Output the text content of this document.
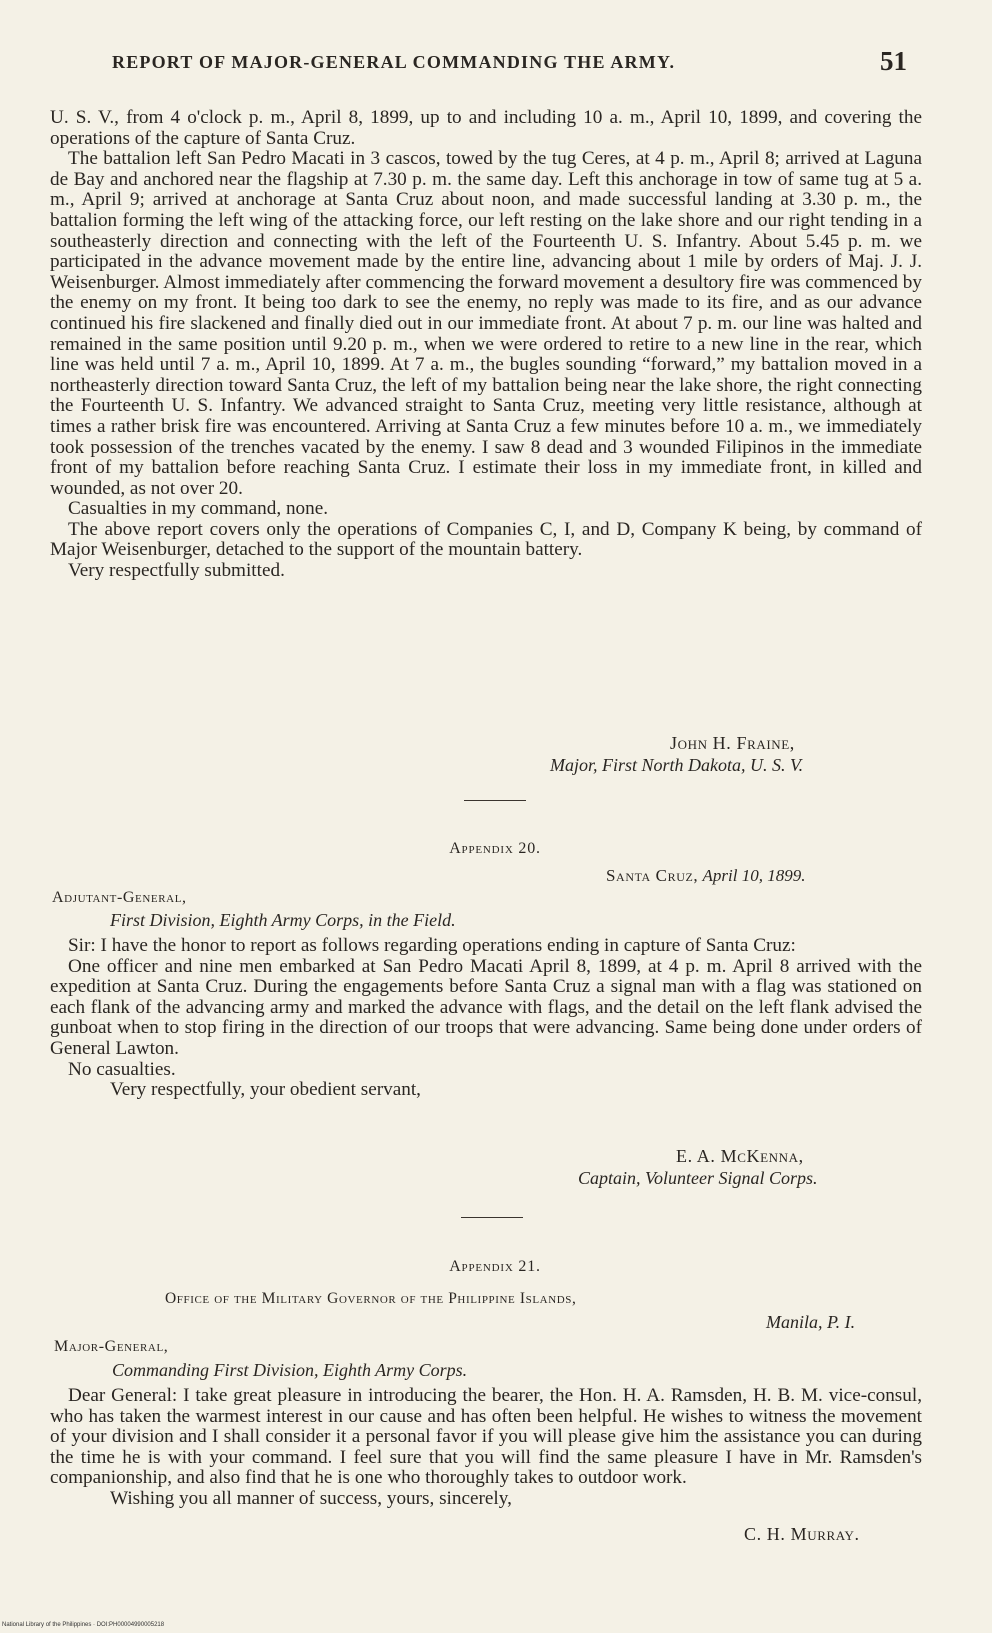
REPORT OF MAJOR-GENERAL COMMANDING THE ARMY.	51

U. S. V., from 4 o'clock p. m., April 8, 1899, up to and including 10 a. m., April 10, 1899, and covering the operations of the capture of Santa Cruz.

The battalion left San Pedro Macati in 3 cascos, towed by the tug Ceres, at 4 p. m., April 8; arrived at Laguna de Bay and anchored near the flagship at 7.30 p. m. the same day. Left this anchorage in tow of same tug at 5 a. m., April 9; arrived at anchorage at Santa Cruz about noon, and made successful landing at 3.30 p. m., the battalion forming the left wing of the attacking force, our left resting on the lake shore and our right tending in a southeasterly direction and connecting with the left of the Fourteenth U. S. Infantry. About 5.45 p. m. we participated in the advance movement made by the entire line, advancing about 1 mile by orders of Maj. J. J. Weisenburger. Almost immediately after commencing the forward movement a desultory fire was commenced by the enemy on my front. It being too dark to see the enemy, no reply was made to its fire, and as our advance continued his fire slackened and finally died out in our immediate front. At about 7 p. m. our line was halted and remained in the same position until 9.20 p. m., when we were ordered to retire to a new line in the rear, which line was held until 7 a. m., April 10, 1899. At 7 a. m., the bugles sounding “forward,” my battalion moved in a northeasterly direction toward Santa Cruz, the left of my battalion being near the lake shore, the right connecting the Fourteenth U. S. Infantry. We advanced straight to Santa Cruz, meeting very little resistance, although at times a rather brisk fire was encountered. Arriving at Santa Cruz a few minutes before 10 a. m., we immediately took possession of the trenches vacated by the enemy. I saw 8 dead and 3 wounded Filipinos in the immediate front of my battalion before reaching Santa Cruz. I estimate their loss in my immediate front, in killed and wounded, as not over 20.

Casualties in my command, none.

The above report covers only the operations of Companies C, I, and D, Company K being, by command of Major Weisenburger, detached to the support of the mountain battery.

Very respectfully submitted.

John H. Fraine,
Major, First North Dakota, U. S. V.
Appendix 20.
Santa Cruz, April 10, 1899.
Adjutant-General,
First Division, Eighth Army Corps, in the Field.

Sir: I have the honor to report as follows regarding operations ending in capture of Santa Cruz:

One officer and nine men embarked at San Pedro Macati April 8, 1899, at 4 p. m. April 8 arrived with the expedition at Santa Cruz. During the engagements before Santa Cruz a signal man with a flag was stationed on each flank of the advancing army and marked the advance with flags, and the detail on the left flank advised the gunboat when to stop firing in the direction of our troops that were advancing. Same being done under orders of General Lawton.

No casualties.

Very respectfully, your obedient servant,

E. A. McKenna,
Captain, Volunteer Signal Corps.
Appendix 21.
Office of the Military Governor of the Philippine Islands,
Manila, P. I.
Major-General,
Commanding First Division, Eighth Army Corps.

Dear General: I take great pleasure in introducing the bearer, the Hon. H. A. Ramsden, H. B. M. vice-consul, who has taken the warmest interest in our cause and has often been helpful. He wishes to witness the movement of your division and I shall consider it a personal favor if you will please give him the assistance you can during the time he is with your command. I feel sure that you will find the same pleasure I have in Mr. Ramsden's companionship, and also find that he is one who thoroughly takes to outdoor work.

Wishing you all manner of success, yours, sincerely,

C. H. Murray.
National Library of the Philippines · DOI:PH00004990005218
